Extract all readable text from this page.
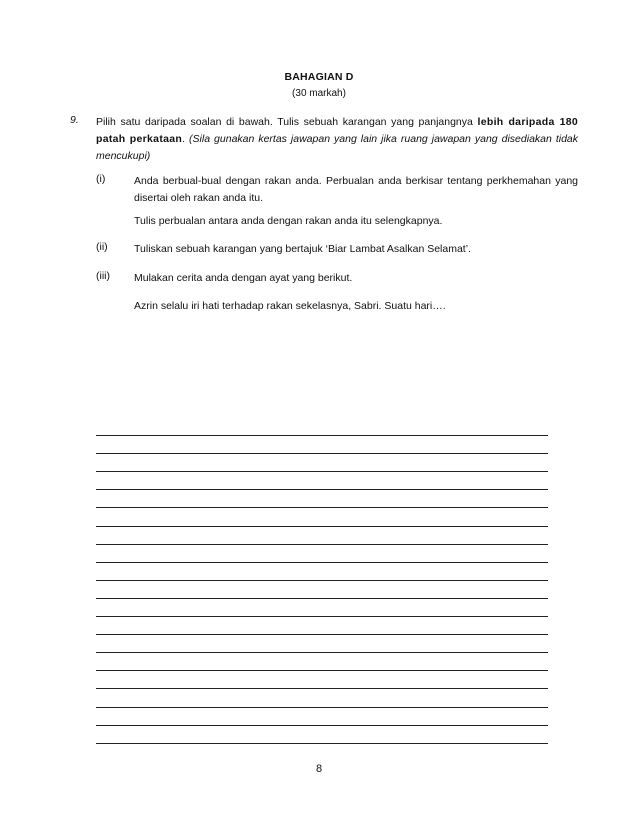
BAHAGIAN D
(30 markah)
9. Pilih satu daripada soalan di bawah. Tulis sebuah karangan yang panjangnya lebih daripada 180 patah perkataan. (Sila gunakan kertas jawapan yang lain jika ruang jawapan yang disediakan tidak mencukupi)
(i)	Anda berbual-bual dengan rakan anda. Perbualan anda berkisar tentang perkhemahan yang disertai oleh rakan anda itu.
Tulis perbualan antara anda dengan rakan anda itu selengkapnya.
(ii)	Tuliskan sebuah karangan yang bertajuk ‘Biar Lambat Asalkan Selamat’.
(iii) Mulakan cerita anda dengan ayat yang berikut.
Azrin selalu iri hati terhadap rakan sekelasnya, Sabri. Suatu hari….
8
